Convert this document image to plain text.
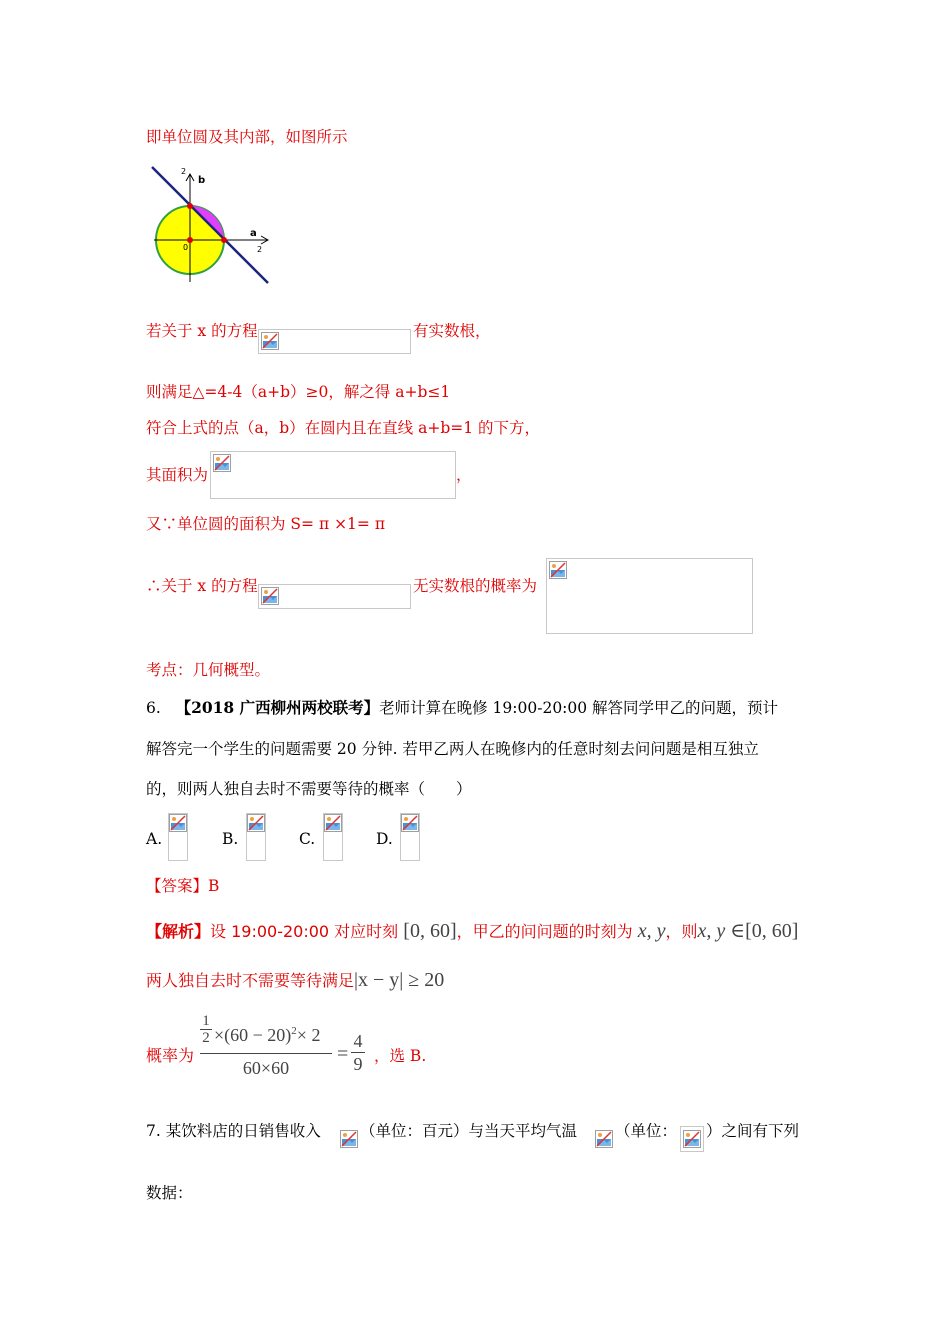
即单位圆及其内部，如图所示
b
2
a
2
0
若关于 x 的方程	有实数根，
则满足△=4-4（a+b）≥0，解之得 a+b≤1
符合上式的点（a，b）在圆内且在直线 a+b=1 的下方，
其面积为	，
又∵单位圆的面积为 S= π ×1= π
∴关于 x 的方程	无实数根的概率为
考点：几何概型。
6. 【2018 广西柳州两校联考】老师计算在晚修 19:00-20:00 解答同学甲乙的问题，预计
解答完一个学生的问题需要 20 分钟. 若甲乙两人在晚修内的任意时刻去问问题是相互独立
的，则两人独自去时不需要等待的概率（　　）
A.	B.	C.	D.
【答案】B
【解析】设 19:00-20:00 对应时刻 [0, 60]，甲乙的问问题的时刻为 x, y，则x, y ∈[0, 60]
两人独自去时不需要等待满足|x − y| ≥ 20
概率为 $\frac{\frac{1}{2} \times(60 - 20)^2\times 2}{60\times 60} = \frac{4}{9}$ ，选 B.
7. 某饮料店的日销售收入	（单位：百元）与当天平均气温 （单位： ）之间有下列
数据：
